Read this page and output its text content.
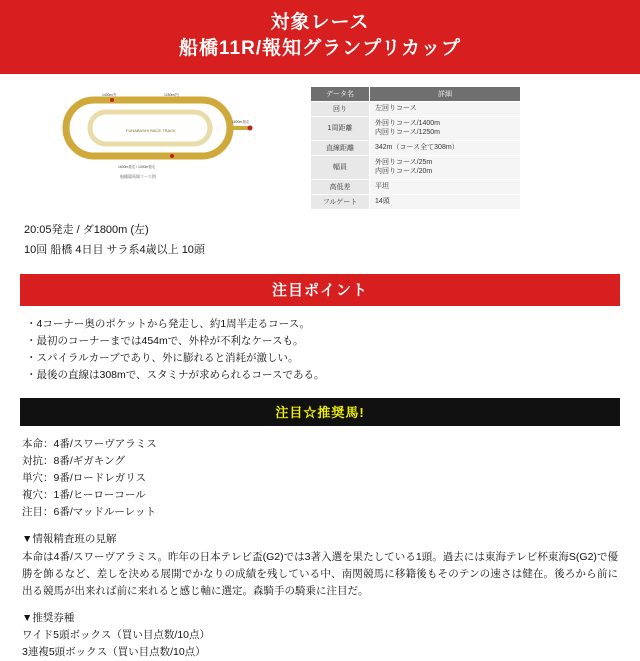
対象レース
船橋11R/報知グランプリカップ
1400m/外	1250m/内
1800m発走
FUNABASHI RACE TRACK
1600m発走 / 1000m発走
船橋競馬場コース図
データ名	詳細
回り	左回りコース

1周距離	外回りコース/1400m
内回りコース/1250m

直線距離	342m（コース全て308m）

幅員	外回りコース/25m
内回りコース/20m

高低差	平坦

フルゲート	14頭
20:05発走 / ダ1800m (左)
10回 船橋 4日目 サラ系4歳以上 10頭
注目ポイント
・4コーナー奥のポケットから発走し、約1周半走るコース。
・最初のコーナーまでは454mで、外枠が不利なケースも。
・スパイラルカーブであり、外に膨れると消耗が激しい。
・最後の直線は308mで、スタミナが求められるコースである。
注目☆推奨馬!
本命：4番/スワーヴアラミス
対抗：8番/ギガキング
単穴：9番/ロードレガリス
複穴：1番/ヒーローコール
注目：6番/マッドルーレット
▼情報精査班の見解

本命は4番/スワーヴアラミス。昨年の日本テレビ盃(G2)では3著入選を果たしている1頭。過去には東海テレビ杯東海S(G2)で優勝を飾るなど、差しを決める展開でかなりの成績を残している中、南関競馬に移籍後もそのテンの速さは健在。後ろから前に出る競馬が出来れば前に来れると感じ軸に選定。森騎手の騎乗に注目だ。

▼推奨券種
ワイド5頭ボックス（買い目点数/10点）
3連複5頭ボックス（買い目点数/10点）
